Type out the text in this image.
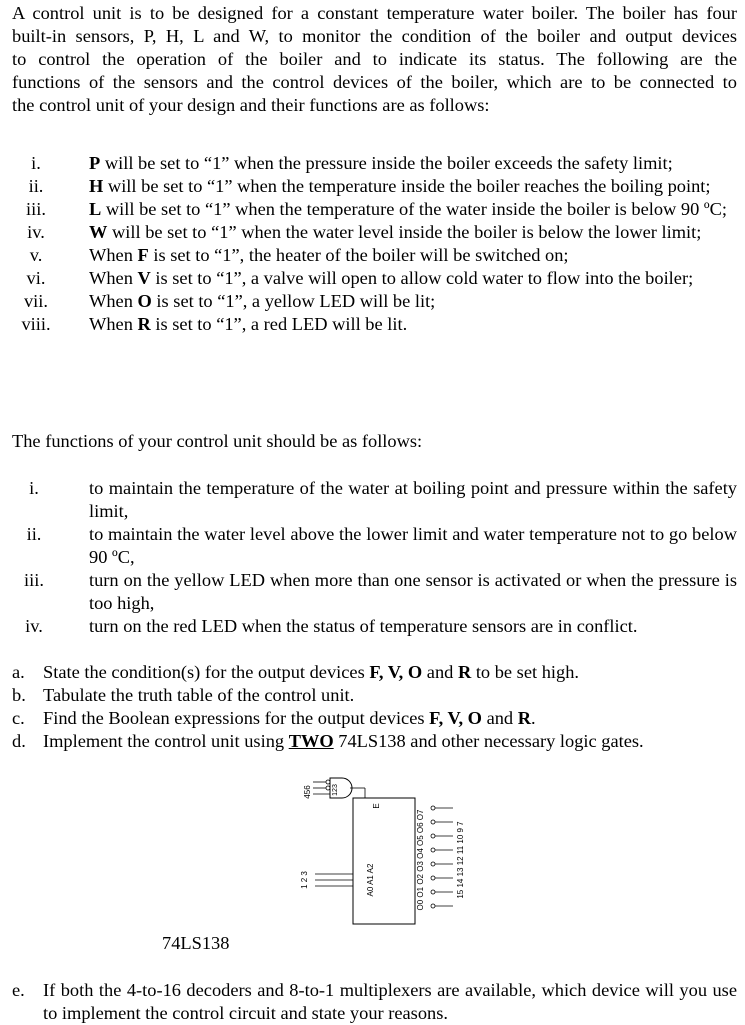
A control unit is to be designed for a constant temperature water boiler. The boiler has four
built-in sensors, P, H, L and W, to monitor the condition of the boiler and output devices
to control the operation of the boiler and to indicate its status. The following are the
functions of the sensors and the control devices of the boiler, which are to be connected to
the control unit of your design and their functions are as follows:
i.	P will be set to “1” when the pressure inside the boiler exceeds the safety limit;
ii.	H will be set to “1” when the temperature inside the boiler reaches the boiling point;
iii.	L will be set to “1” when the temperature of the water inside the boiler is below 90 ºC;
iv.	W will be set to “1” when the water level inside the boiler is below the lower limit;
v.	When F is set to “1”, the heater of the boiler will be switched on;
vi.	When V is set to “1”, a valve will open to allow cold water to flow into the boiler;
vii.	When O is set to “1”, a yellow LED will be lit;
viii.	When R is set to “1”, a red LED will be lit.
The functions of your control unit should be as follows:
i.	to maintain the temperature of the water at boiling point and pressure within the safety limit,
ii.	to maintain the water level above the lower limit and water temperature not to go below 90 ºC,
iii.	turn on the yellow LED when more than one sensor is activated or when the pressure is too high,
iv.	turn on the red LED when the status of temperature sensors are in conflict.
a. State the condition(s) for the output devices F, V, O and R to be set high.
b. Tabulate the truth table of the control unit.
c. Find the Boolean expressions for the output devices F, V, O and R.
d. Implement the control unit using TWO 74LS138 and other necessary logic gates.
456	123
E
1 2 3	A0 A1 A2	O0 O1 O2 O3 O4 O5 O6 O7	15 14 13 12 11 10 9 7
74LS138
e. If both the 4-to-16 decoders and 8-to-1 multiplexers are available, which device will you use to implement the control circuit and state your reasons.
